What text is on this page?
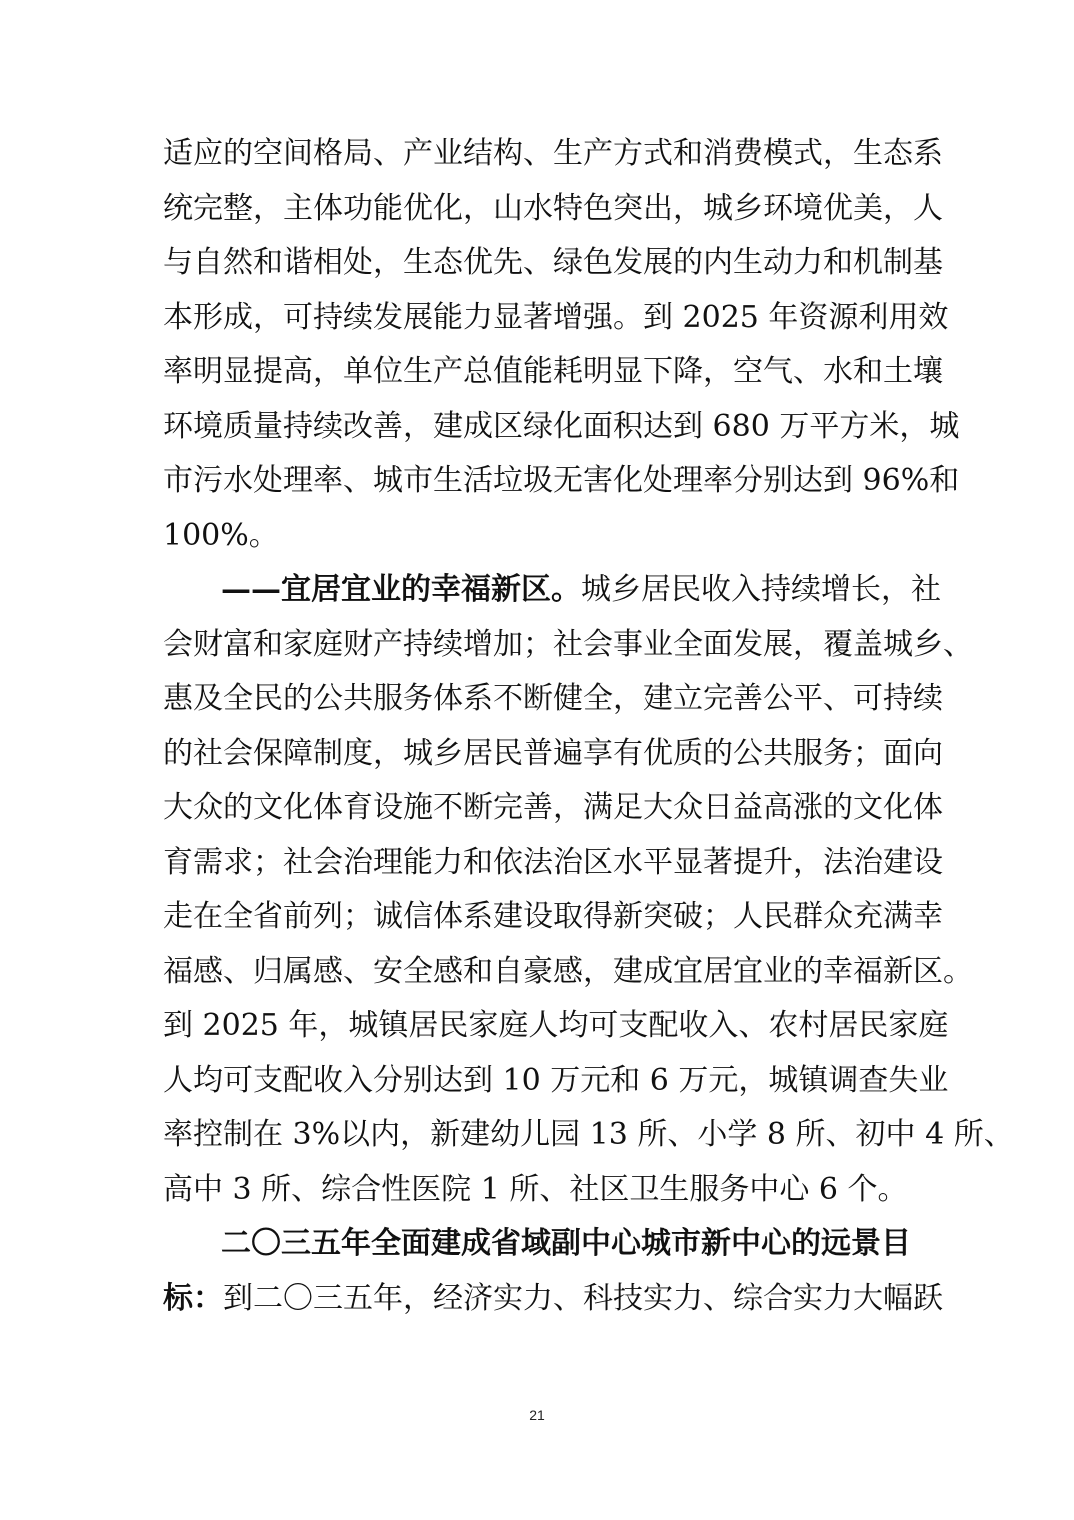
适应的空间格局、产业结构、生产方式和消费模式，生态系
统完整，主体功能优化，山水特色突出，城乡环境优美，人
与自然和谐相处，生态优先、绿色发展的内生动力和机制基
本形成，可持续发展能力显著增强。到 2025 年资源利用效
率明显提高，单位生产总值能耗明显下降，空气、水和土壤
环境质量持续改善，建成区绿化面积达到 680 万平方米，城
市污水处理率、城市生活垃圾无害化处理率分别达到 96%和
100%。
——宜居宜业的幸福新区。城乡居民收入持续增长，社
会财富和家庭财产持续增加；社会事业全面发展，覆盖城乡、
惠及全民的公共服务体系不断健全，建立完善公平、可持续
的社会保障制度，城乡居民普遍享有优质的公共服务；面向
大众的文化体育设施不断完善，满足大众日益高涨的文化体
育需求；社会治理能力和依法治区水平显著提升，法治建设
走在全省前列；诚信体系建设取得新突破；人民群众充满幸
福感、归属感、安全感和自豪感，建成宜居宜业的幸福新区。
到 2025 年，城镇居民家庭人均可支配收入、农村居民家庭
人均可支配收入分别达到 10 万元和 6 万元，城镇调查失业
率控制在 3%以内，新建幼儿园 13 所、小学 8 所、初中 4 所、
高中 3 所、综合性医院 1 所、社区卫生服务中心 6 个。
二〇三五年全面建成省域副中心城市新中心的远景目
标：到二〇三五年，经济实力、科技实力、综合实力大幅跃
21
